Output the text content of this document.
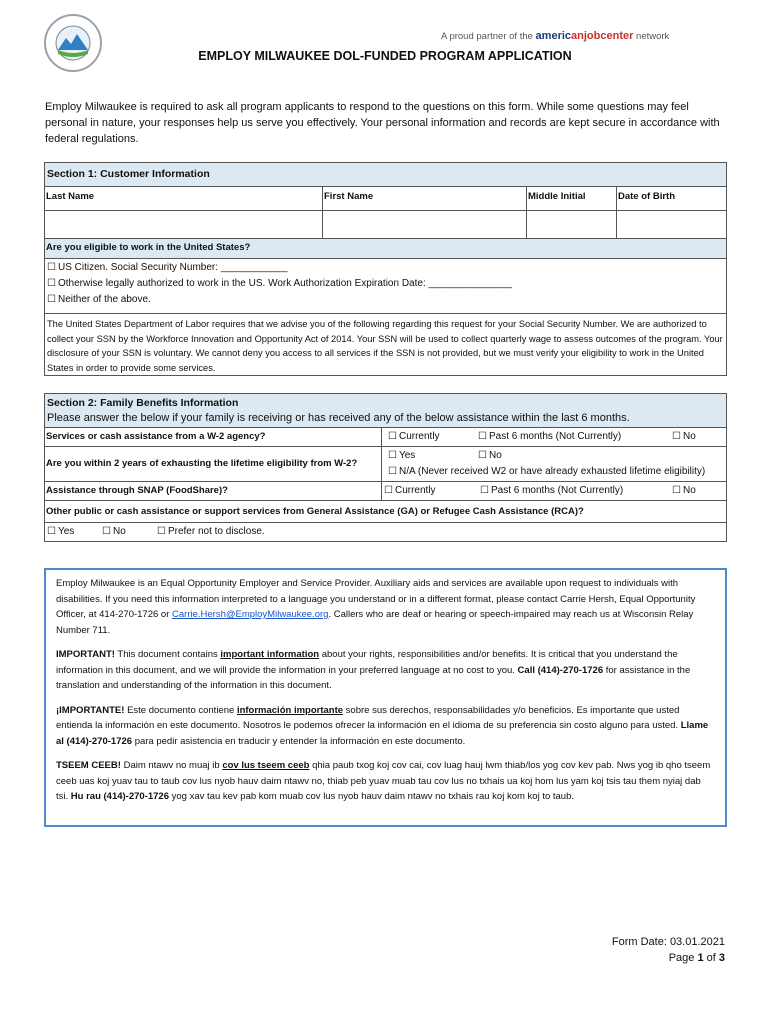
A proud partner of the americanjobcenter network
EMPLOY MILWAUKEE DOL-FUNDED PROGRAM APPLICATION
Employ Milwaukee is required to ask all program applicants to respond to the questions on this form. While some questions may feel personal in nature, your responses help us serve you effectively. Your personal information and records are kept secure in accordance with federal regulations.
Section 1: Customer Information
Last Name	First Name	Middle Initial	Date of Birth
Are you eligible to work in the United States?
☐ US Citizen. Social Security Number: ____________
☐ Otherwise legally authorized to work in the US. Work Authorization Expiration Date: _______________
☐ Neither of the above.
The United States Department of Labor requires that we advise you of the following regarding this request for your Social Security Number. We are authorized to collect your SSN by the Workforce Innovation and Opportunity Act of 2014. Your SSN will be used to collect quarterly wage to assess outcomes of the program. Your disclosure of your SSN is voluntary. We cannot deny you access to all services if the SSN is not provided, but we must verify your eligibility to work in the United States in order to provide some services.
Section 2: Family Benefits Information
Please answer the below if your family is receiving or has received any of the below assistance within the last 6 months.
Services or cash assistance from a W-2 agency?	☐ Currently	☐ Past 6 months (Not Currently)	☐ No
Are you within 2 years of exhausting the lifetime eligibility from W-2?
☐ Yes	☐ No
☐ N/A (Never received W2 or have already exhausted lifetime eligibility)
Assistance through SNAP (FoodShare)?	☐ Currently	☐ Past 6 months (Not Currently)	☐ No
Other public or cash assistance or support services from General Assistance (GA) or Refugee Cash Assistance (RCA)?
☐ Yes	☐ No	☐ Prefer not to disclose.

Employ Milwaukee is an Equal Opportunity Employer and Service Provider. Auxiliary aids and services are available upon request to individuals with disabilities. If you need this information interpreted to a language you understand or in a different format, please contact Carrie Hersh, Equal Opportunity Officer, at 414-270-1726 or Carrie.Hersh@EmployMilwaukee.org. Callers who are deaf or hearing or speech-impaired may reach us at Wisconsin Relay Number 711.

IMPORTANT! This document contains important information about your rights, responsibilities and/or benefits. It is critical that you understand the information in this document, and we will provide the information in your preferred language at no cost to you. Call (414)-270-1726 for assistance in the translation and understanding of the information in this document.

¡IMPORTANTE! Este documento contiene información importante sobre sus derechos, responsabilidades y/o beneficios. Es importante que usted entienda la información en este documento. Nosotros le podemos ofrecer la información en el idioma de su preferencia sin costo alguno para usted. Llame al (414)-270-1726 para pedir asistencia en traducir y entender la información en este documento.

TSEEM CEEB! Daim ntawv no muaj ib cov lus tseem ceeb qhia paub txog koj cov cai, cov luag hauj lwm thiab/los yog cov kev pab. Nws yog ib qho tseem ceeb uas koj yuav tau to taub cov lus nyob hauv daim ntawv no, thiab peb yuav muab tau cov lus no txhais ua koj hom lus yam koj tsis tau them nyiaj dab tsi. Hu rau (414)-270-1726 yog xav tau kev pab kom muab cov lus nyob hauv daim ntawv no txhais rau koj kom koj to taub.

Form Date: 03.01.2021
Page 1 of 3
